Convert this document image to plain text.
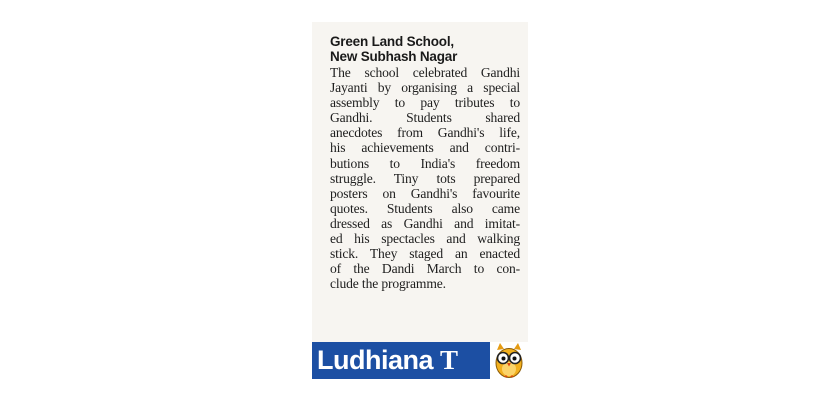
Green Land School,
New Subhash Nagar

The school celebrated Gandhi
Jayanti by organising a special
assembly to pay tributes to
Gandhi. Students shared
anecdotes from Gandhi's life,
his achievements and contri-
butions to India's freedom
struggle. Tiny tots prepared
posters on Gandhi's favourite
quotes. Students also came
dressed as Gandhi and imitat-
ed his spectacles and walking
stick. They staged an enacted
of the Dandi March to con-
clude the programme.

Ludhiana T
